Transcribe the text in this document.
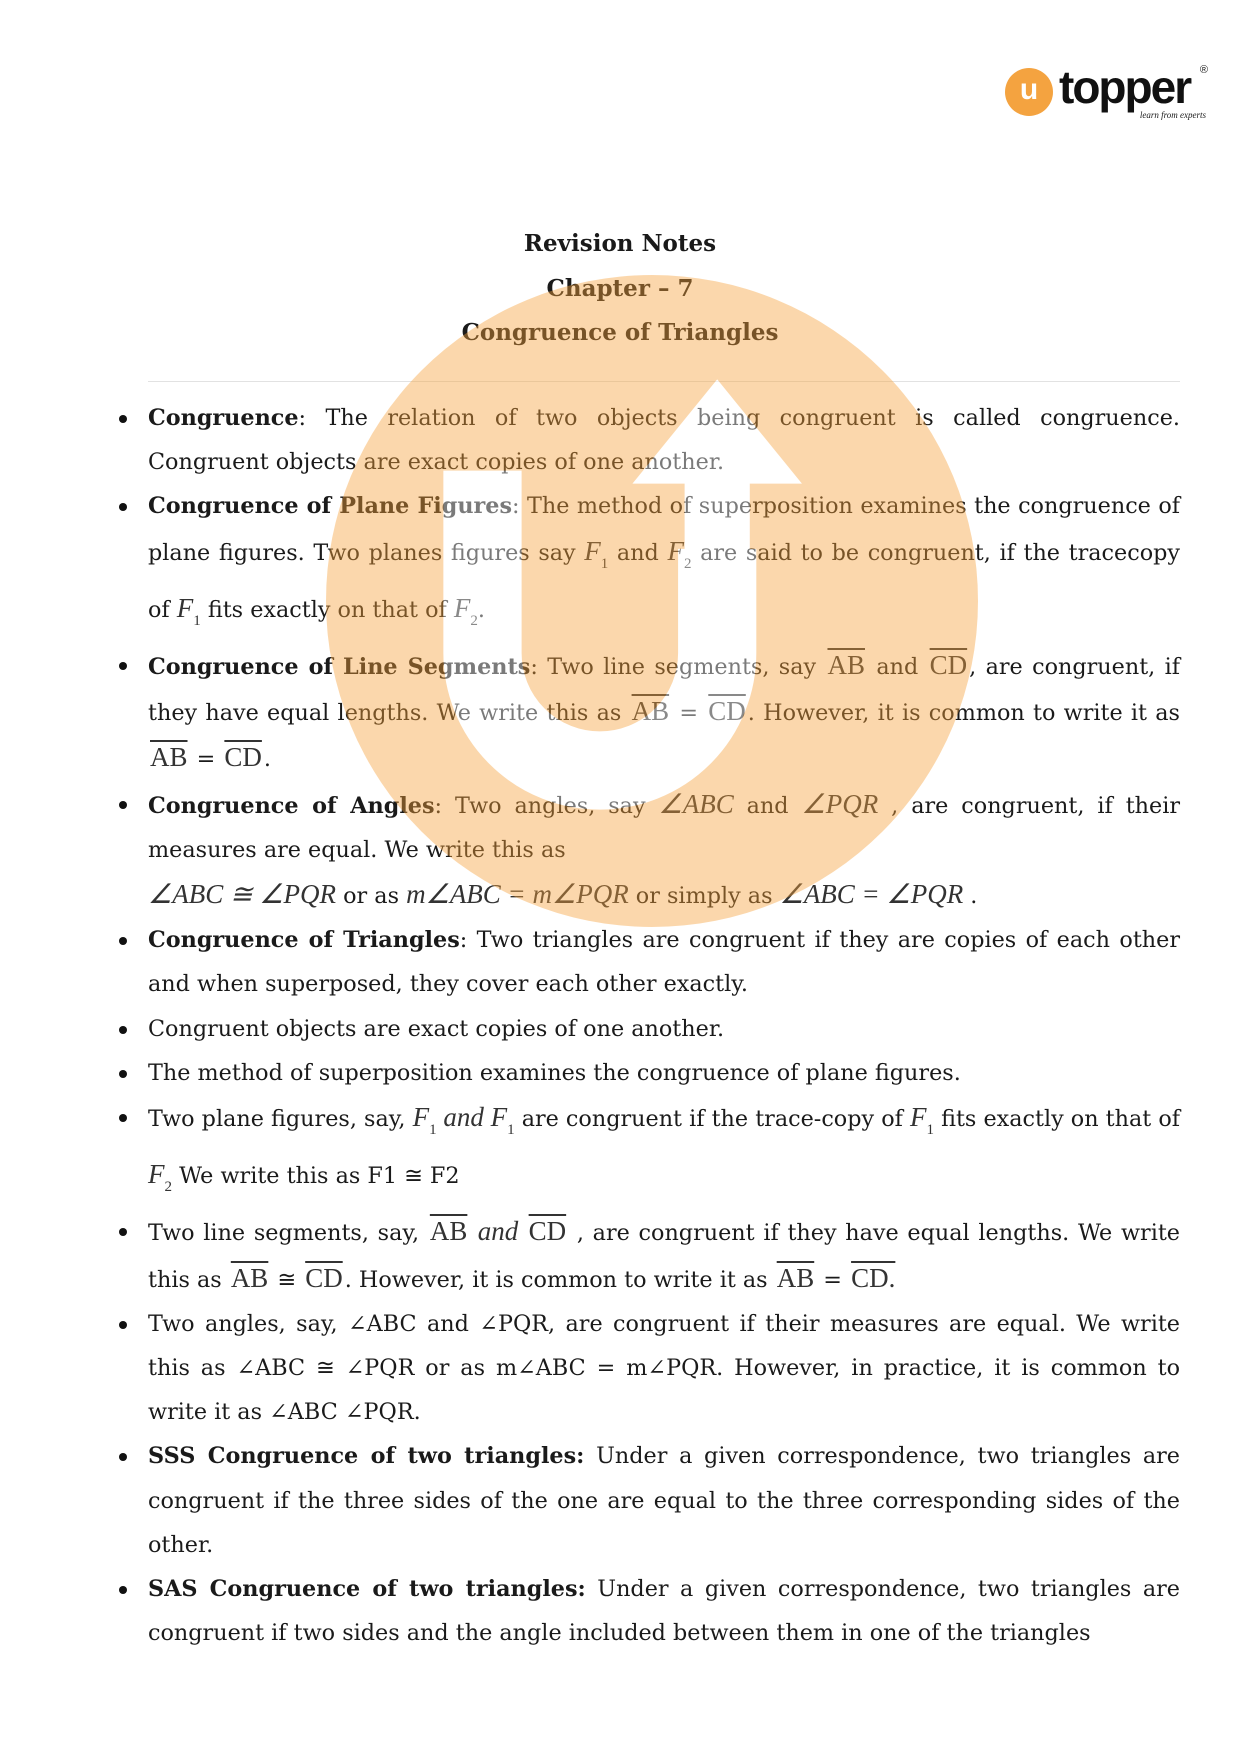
u topper ®
learn from experts
Revision Notes
Chapter – 7
Congruence of Triangles
Congruence: The relation of two objects being congruent is called congruence. Congruent objects are exact copies of one another.
Congruence of Plane Figures: The method of superposition examines the congruence of plane figures. Two planes figures say $F_1$ and $F_2$ are said to be congruent, if the tracecopy of $F_1$ fits exactly on that of $F_2$.
Congruence of Line Segments: Two line segments, say $\overline{AB}$ and $\overline{CD}$, are congruent, if they have equal lengths. We write this as $\overline{AB} = \overline{CD}$. However, it is common to write it as $\overline{AB} = \overline{CD}$.
Congruence of Angles: Two angles, say ∠ABC and ∠PQR , are congruent, if their measures are equal. We write this as
∠ABC ≅ ∠PQR or as m∠ABC = m∠PQR or simply as ∠ABC = ∠PQR .
Congruence of Triangles: Two triangles are congruent if they are copies of each other and when superposed, they cover each other exactly.
Congruent objects are exact copies of one another.
The method of superposition examines the congruence of plane figures.
Two plane figures, say, $F_1$ and $F_1$ are congruent if the trace-copy of $F_1$ fits exactly on that of $F_2$ We write this as F1 ≅ F2
Two line segments, say, $\overline{AB}$ and $\overline{CD}$ , are congruent if they have equal lengths. We write this as $\overline{AB}$ ≅ $\overline{CD}$. However, it is common to write it as $\overline{AB}$ = CD.
Two angles, say, ∠ABC and ∠PQR, are congruent if their measures are equal. We write this as ∠ABC ≅ ∠PQR or as m∠ABC = m∠PQR. However, in practice, it is common to write it as ∠ABC ∠PQR.
SSS Congruence of two triangles: Under a given correspondence, two triangles are congruent if the three sides of the one are equal to the three corresponding sides of the other.
SAS Congruence of two triangles: Under a given correspondence, two triangles are congruent if two sides and the angle included between them in one of the triangles
